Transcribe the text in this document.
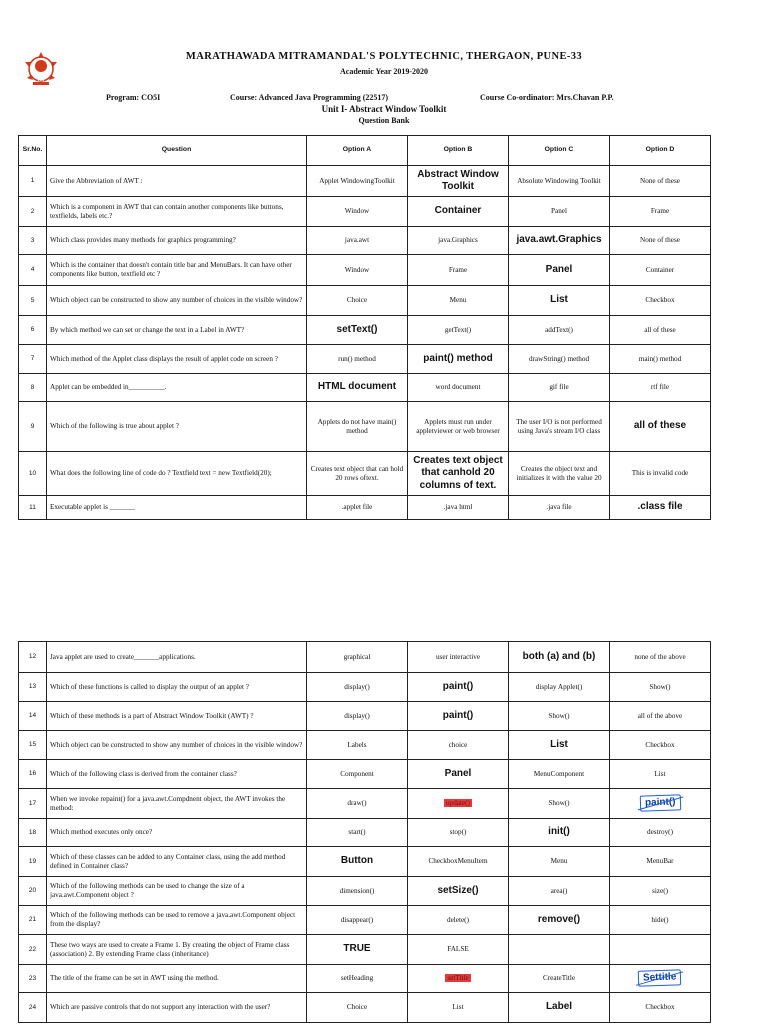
M
MARATHAWADA MITRAMANDAL'S POLYTECHNIC, THERGAON, PUNE-33
Academic Year 2019-2020
Program: CO5I	Course: Advanced Java Programming (22517)	Course Co-ordinator: Mrs.Chavan P.P.
Unit I- Abstract Window Toolkit
Question Bank
Sr.No.	Question	Option A	Option B	Option C	Option D
1	Give the Abbreviation of AWT :	Applet WindowingToolkit	Abstract Window Toolkit	Absolute Windowing Toolkit	None of these
2	Which is a component in AWT that can contain another components like buttons, textfields, labels etc.?	Window	Container	Panel	Frame
3	Which class provides many methods for graphics programming?	java.awt	java.Graphics	java.awt.Graphics	None of these
4	Which is the container that doesn't contain title bar and MenuBars. It can have other components like button, textfield etc ?	Window	Frame	Panel	Container
5	Which object can be constructed to show any number of choices in the visible window?	Choice	Menu	List	Checkbox
6	By which method we can set or change the text in a Label in AWT?	setText()	getText()	addText()	all of these
7	Which method of the Applet class displays the result of applet code on screen ?	run() method	paint() method	drawString() method	main() method
8	Applet can be embedded in__________.	HTML document	word document	gif file	rtf file
9	Which of the following is true about applet ?	Applets do not have main() method	Applets must run under appletviewer or web browser	The user I/O is not performed using Java's stream I/O class	all of these
10	What does the following line of code do ? Textfield text = new Textfield(20);	Creates text object that can hold 20 rows oftext.	Creates text object that canhold 20 columns of text.	Creates the object text and initializes it with the value 20	This is invalid code
11	Executable applet is _______	.applet file	.java html	.java file	.class file
12	Java applet are used to create_______applications.	graphical	user interactive	both (a) and (b)	none of the above
13	Which of these functions is called to display the output of an applet ?	display()	paint()	display Applet()	Show()
14	Which of these methods is a part of Abstract Window Toolkit (AWT) ?	display()	paint()	Show()	all of the above
15	Which object can be constructed to show any number of choices in the visible window?	Labels	choice	List	Checkbox
16	Which of the following class is derived from the container class?	Component	Panel	MenuComponent	List
17	When we invoke repaint() for a java.awt.Compdnent object, the AWT invokes the method:	draw()	update()	Show()	paint()
18	Which method executes only once?	start()	stop()	init()	destroy()
19	Which of these classes can be added to any Container class, using the add method defined in Container class?	Button	CheckboxMenuItem	Menu	MenuBar
20	Which of the following methods can be used to change the size of a java.awt.Component object ?	dimension()	setSize()	area()	size()
21	Which of the following methods can be used to remove a java.awt.Component object from the display?	disappear()	delete()	remove()	hide()
22	These two ways are used to create a Frame 1. By creating the object of Frame class (association) 2. By extending Frame class (inheritance)	TRUE	FALSE		
23	The title of the frame can be set in AWT using the method.	setHeading	setTitle	CreateTitle	Settitle
24	Which are passive controls that do not support any interaction with the user?	Choice	List	Label	Checkbox
